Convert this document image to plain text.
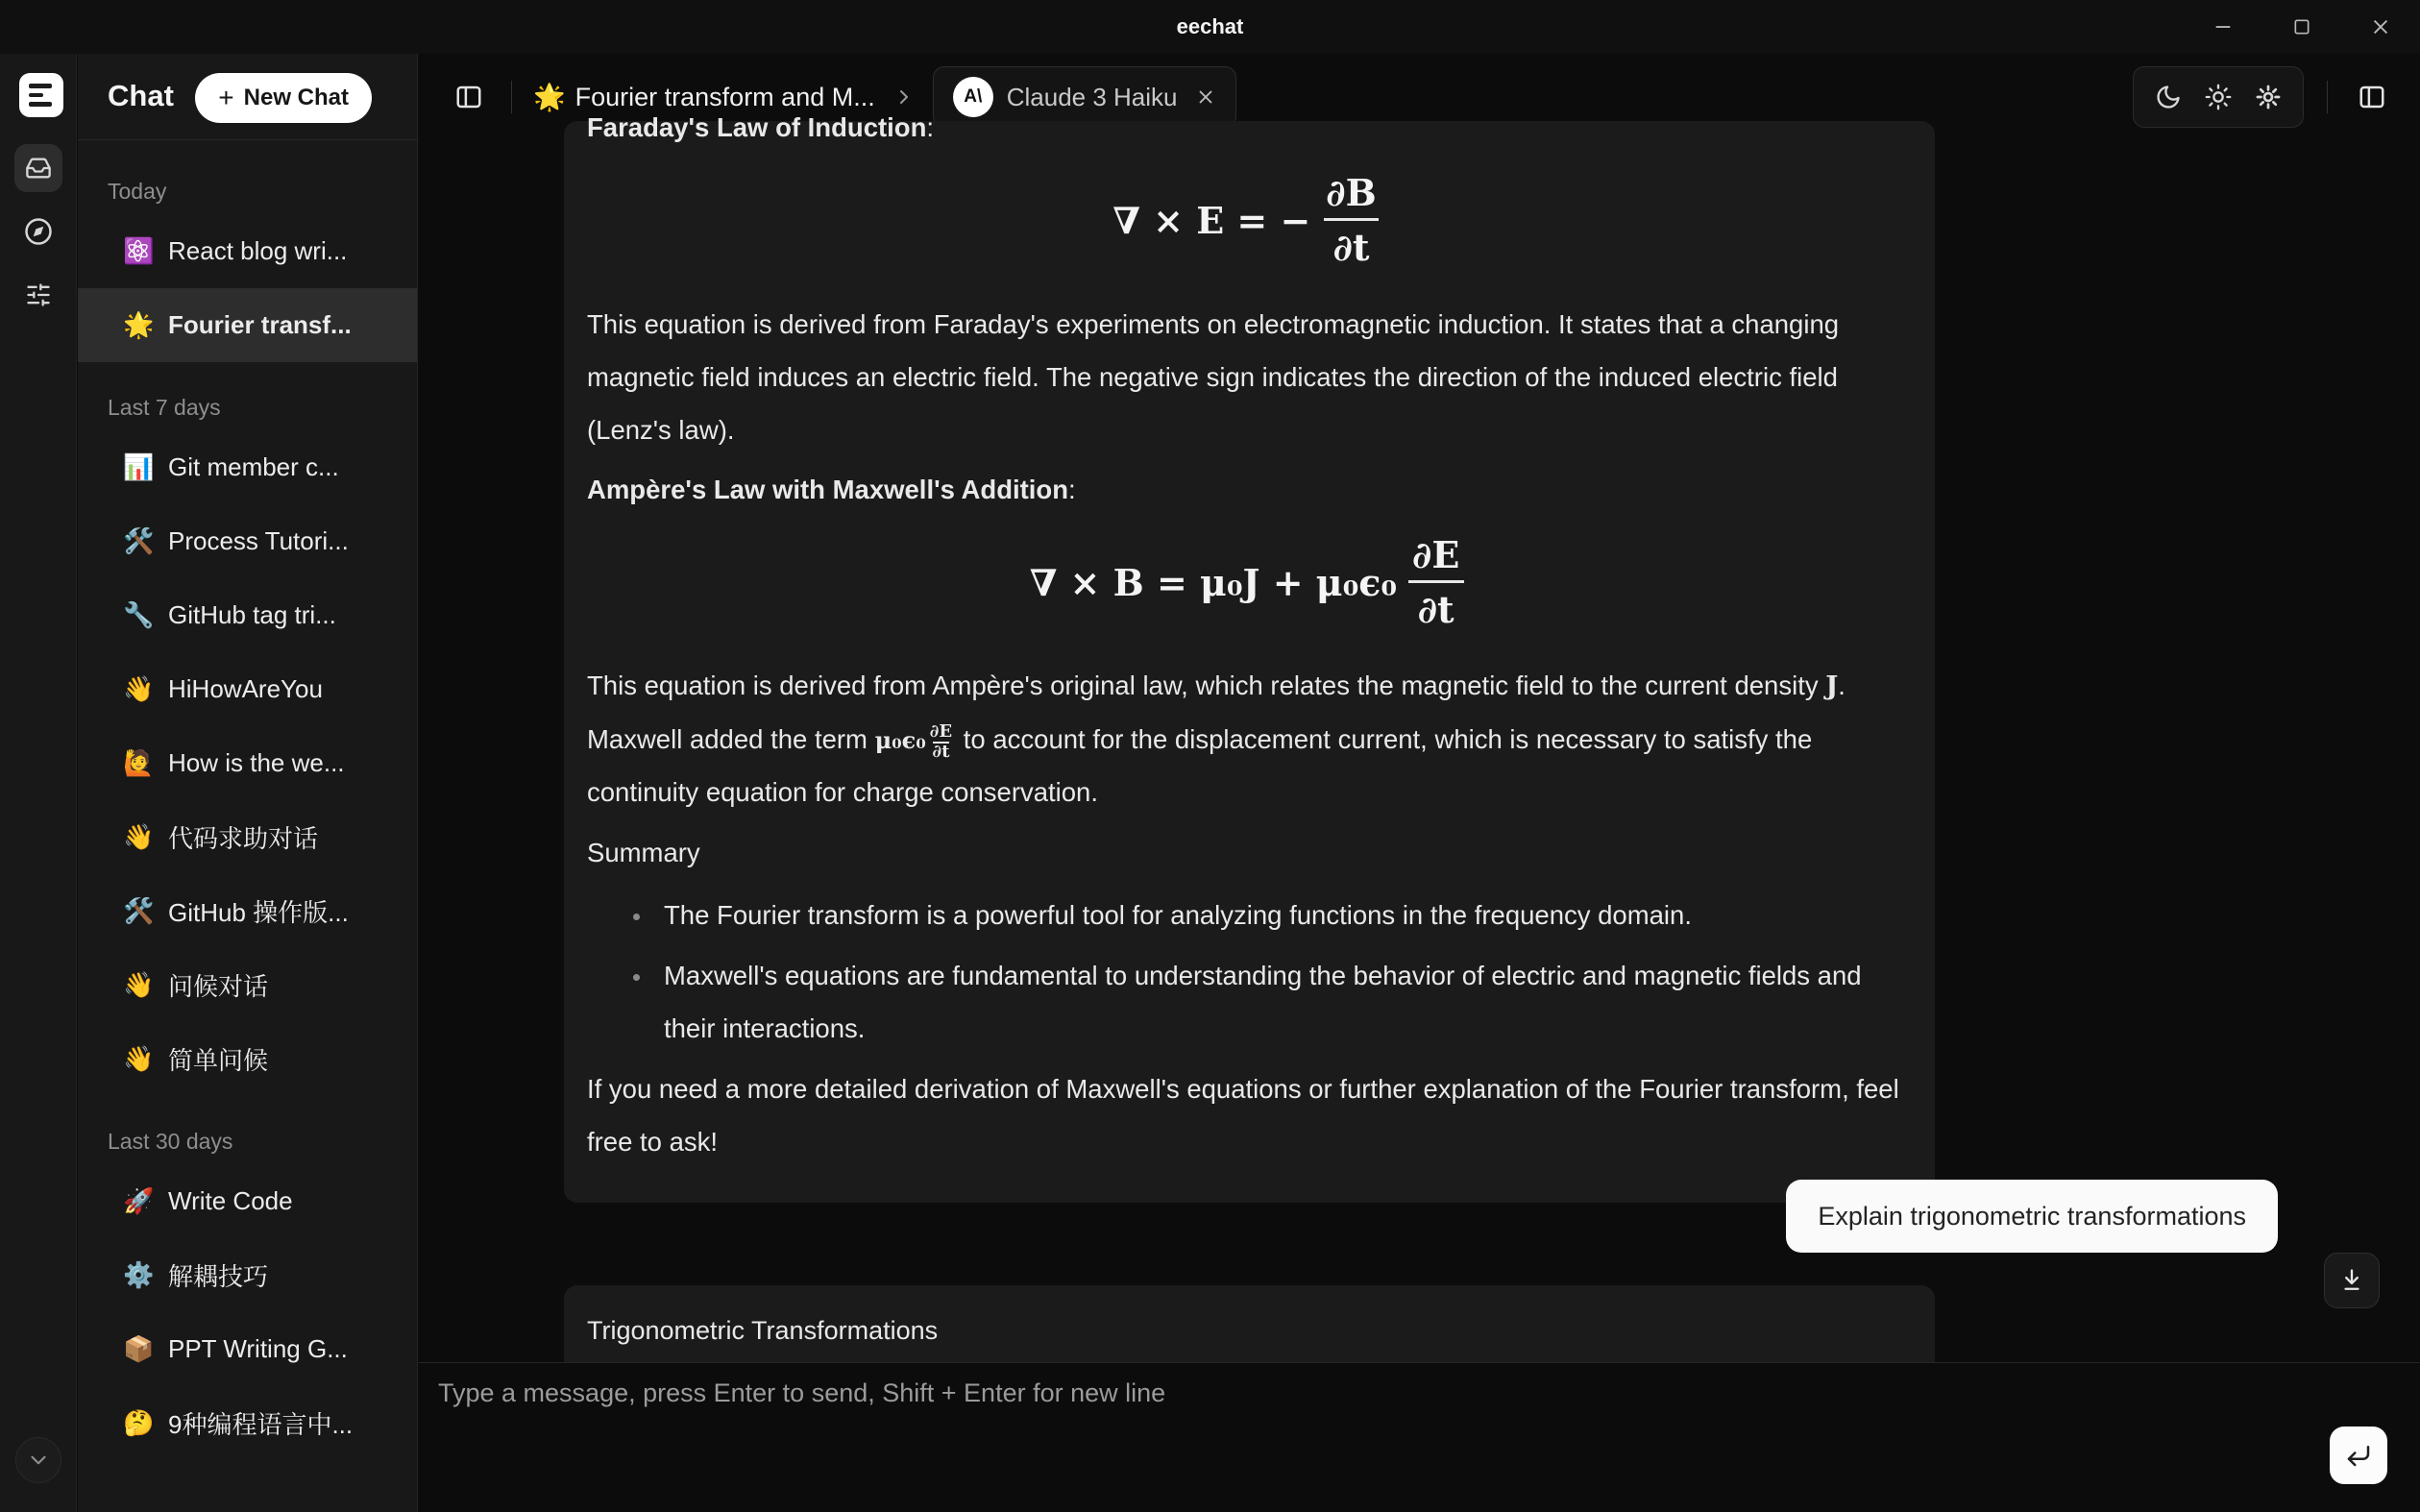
eechat
Chat + New Chat
Today
⚛️ React blog wri...
🌟 Fourier transf...
Last 7 days
📊 Git member c...
🛠️ Process Tutori...
🔧 GitHub tag tri...
👋 HiHowAreYou
🙋 How is the we...
👋 代码求助对话
🛠️ GitHub 操作版...
👋 问候对话
👋 简单问候
Last 30 days
🚀 Write Code
⚙️ 解耦技巧
📦 PPT Writing G...
🤔 9种编程语言中...
🌟 Fourier transform and M...	A\ Claude 3 Haiku
Faraday's Law of Induction:
∇ × E = − $\frac{\partial B}{\partial t}$

This equation is derived from Faraday's experiments on electromagnetic induction. It states that a changing magnetic field induces an electric field. The negative sign indicates the direction of the induced electric field (Lenz's law).

Ampère's Law with Maxwell's Addition:
∇ × $B = \mu_0J + \mu_0\epsilon_0 \frac{\partial E}{\partial t}$

This equation is derived from Ampère's original law, which relates the magnetic field to the current density J. Maxwell added the term $\mu_0\epsilon_0 \frac{\partial E}{\partial t}$ to account for the displacement current, which is necessary to satisfy the continuity equation for charge conservation.

Summary
The Fourier transform is a powerful tool for analyzing functions in the frequency domain.
Maxwell's equations are fundamental to understanding the behavior of electric and magnetic fields and their interactions.

If you need a more detailed derivation of Maxwell's equations or further explanation of the Fourier transform, feel free to ask!

Explain trigonometric transformations
Trigonometric Transformations
Type a message, press Enter to send, Shift + Enter for new line
